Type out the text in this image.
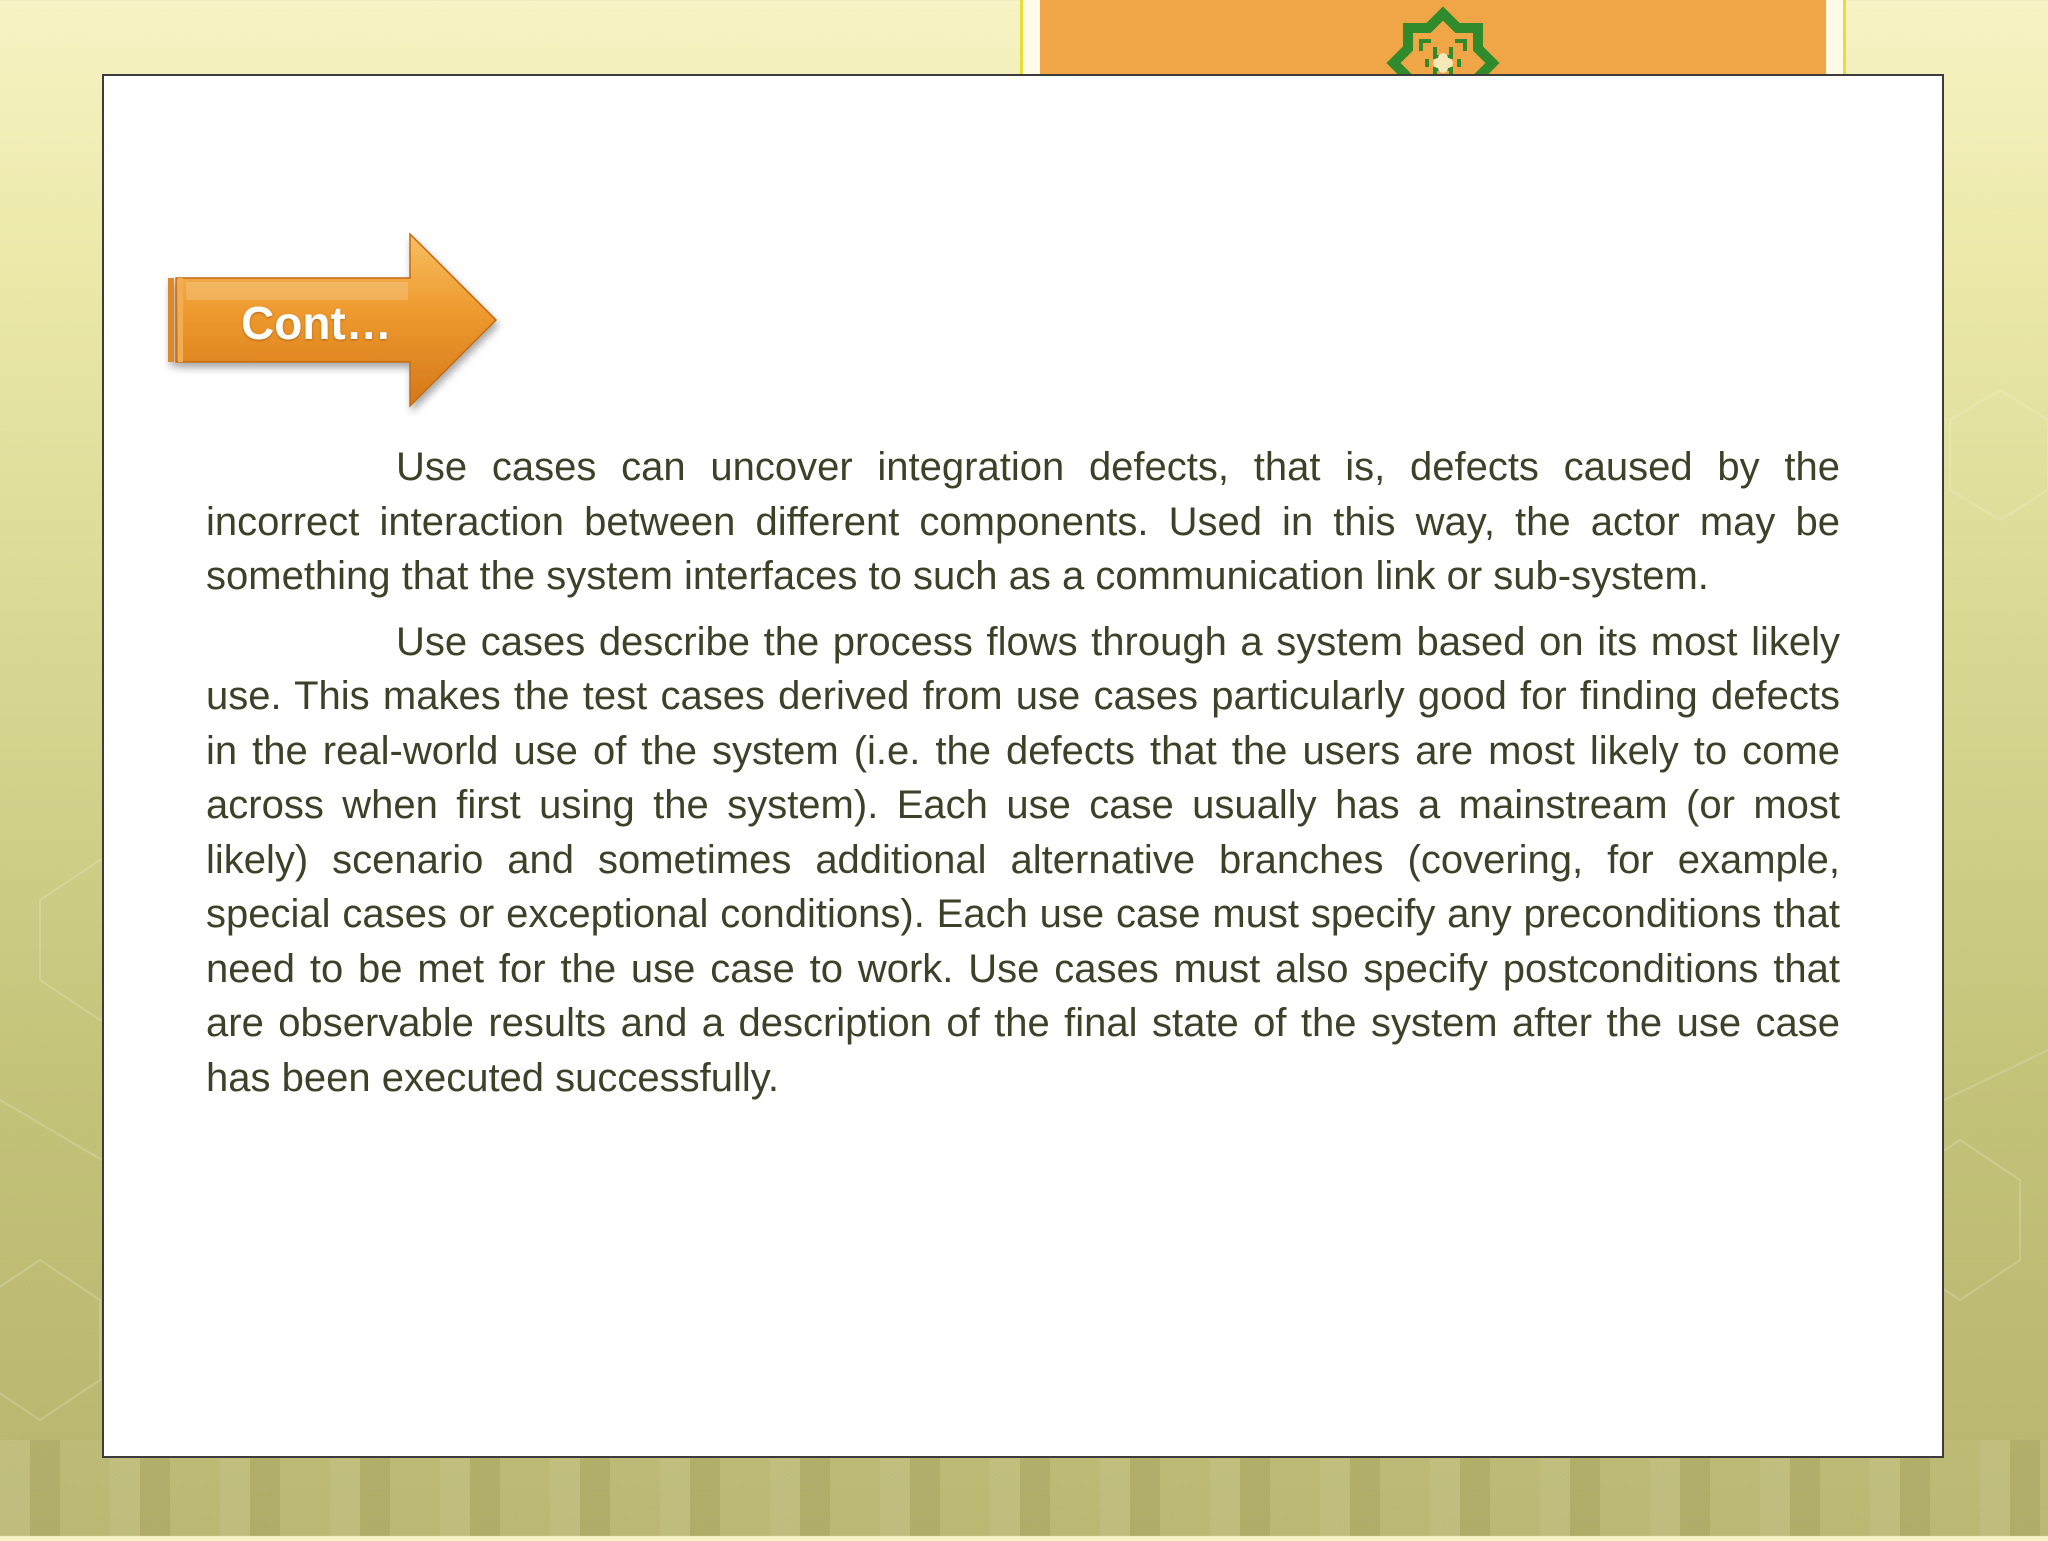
Cont…

Use cases can uncover integration defects, that is, defects caused by the incorrect interaction between different components. Used in this way, the actor may be something that the system interfaces to such as a communication link or sub-system.

Use cases describe the process flows through a system based on its most likely use. This makes the test cases derived from use cases particularly good for finding defects in the real-world use of the system (i.e. the defects that the users are most likely to come across when first using the system). Each use case usually has a mainstream (or most likely) scenario and sometimes additional alternative branches (covering, for example, special cases or exceptional conditions). Each use case must specify any preconditions that need to be met for the use case to work. Use cases must also specify postconditions that are observable results and a description of the final state of the system after the use case has been executed successfully.
